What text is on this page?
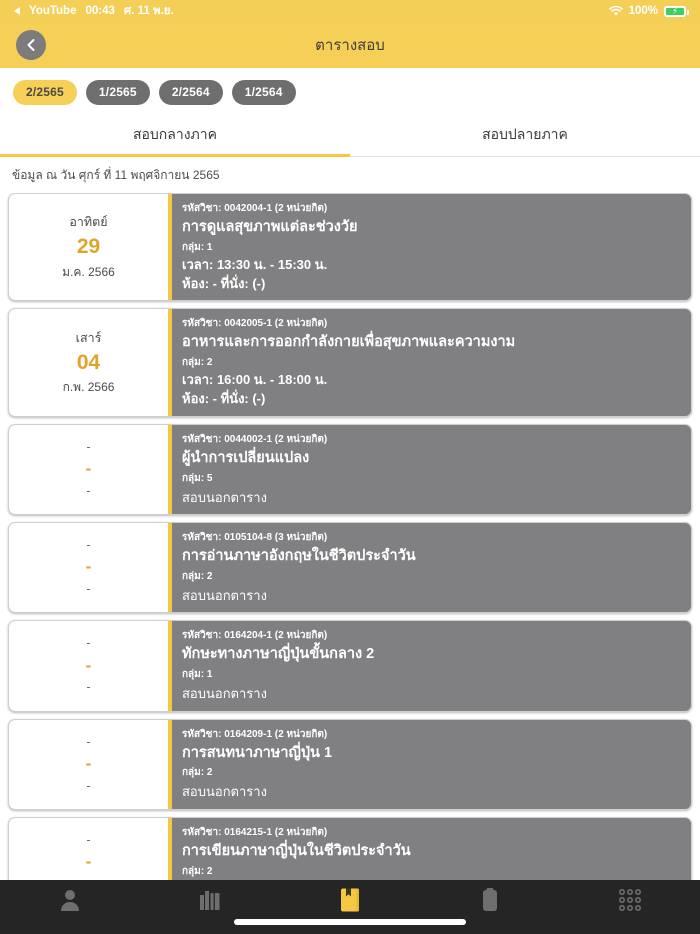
YouTube 00:43 ศ. 11 พ.ย.	100% ⚡
ตารางสอบ
2/2565	1/2565	2/2564	1/2564
สอบกลางภาค	สอบปลายภาค
ข้อมูล ณ วัน ศุกร์ ที่ 11 พฤศจิกายน 2565
อาทิตย์
29
ม.ค. 2566
รหัสวิชา: 0042004-1 (2 หน่วยกิต)
การดูแลสุขภาพแต่ละช่วงวัย
กลุ่ม: 1
เวลา: 13:30 น. - 15:30 น.
ห้อง: - ที่นั่ง: (-)
เสาร์
04
ก.พ. 2566
รหัสวิชา: 0042005-1 (2 หน่วยกิต)
อาหารและการออกกำลังกายเพื่อสุขภาพและความงาม
กลุ่ม: 2
เวลา: 16:00 น. - 18:00 น.
ห้อง: - ที่นั่ง: (-)
-
-
-
รหัสวิชา: 0044002-1 (2 หน่วยกิต)
ผู้นำการเปลี่ยนแปลง
กลุ่ม: 5
สอบนอกตาราง
-
-
-
รหัสวิชา: 0105104-8 (3 หน่วยกิต)
การอ่านภาษาอังกฤษในชีวิตประจำวัน
กลุ่ม: 2
สอบนอกตาราง
-
-
-
รหัสวิชา: 0164204-1 (2 หน่วยกิต)
ทักษะทางภาษาญี่ปุ่นขั้นกลาง 2
กลุ่ม: 1
สอบนอกตาราง
-
-
-
รหัสวิชา: 0164209-1 (2 หน่วยกิต)
การสนทนาภาษาญี่ปุ่น 1
กลุ่ม: 2
สอบนอกตาราง
-
-
รหัสวิชา: 0164215-1 (2 หน่วยกิต)
การเขียนภาษาญี่ปุ่นในชีวิตประจำวัน
กลุ่ม: 2
